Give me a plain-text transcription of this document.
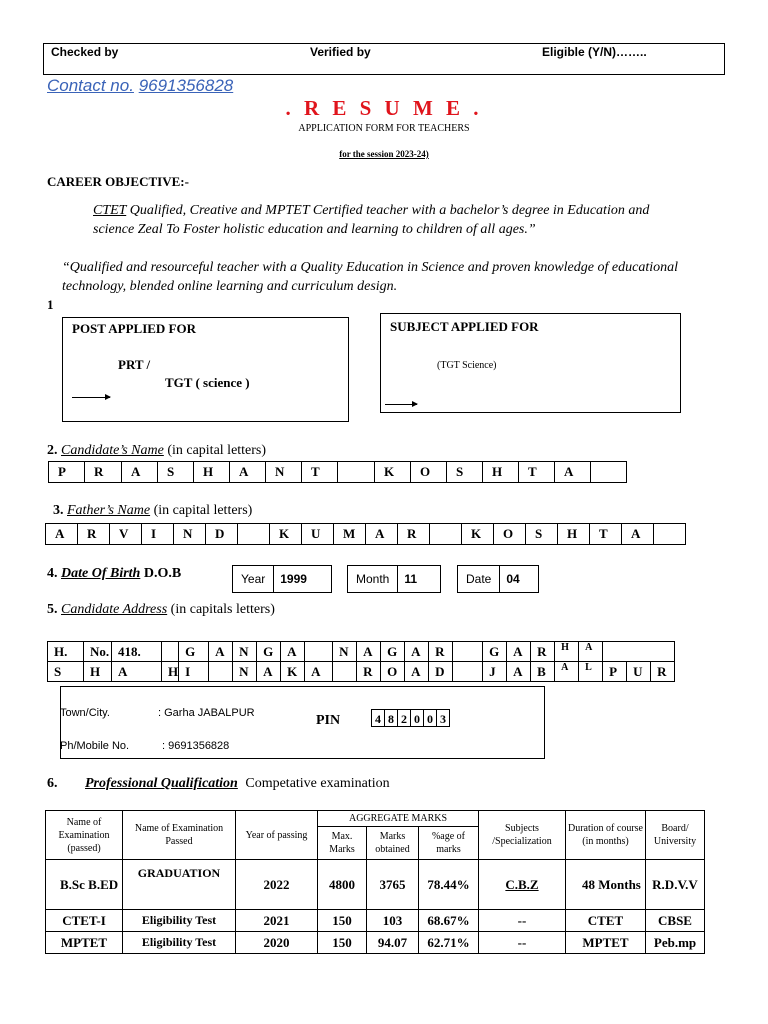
Checked by	Verified by	Eligible (Y/N)……..
Contact no. 9691356828
. R E S U M E .
APPLICATION FORM FOR TEACHERS
for the session 2023-24)
CAREER OBJECTIVE:-
CTET Qualified, Creative and MPTET Certified teacher with a bachelor’s degree in Education and science Zeal To Foster holistic education and learning to children of all ages.”
“Qualified and resourceful teacher with a Quality Education in Science and proven knowledge of educational technology, blended online learning and curriculum design.
1
POST APPLIED FOR
PRT /
TGT ( science )
SUBJECT APPLIED FOR
(TGT Science)
2. Candidate’s Name (in capital letters)
P	R	A	S	H	A	N	T	K	O	S	H	T	A
3. Father’s Name (in capital letters)
A	R	V	I	N	D	K	U	M	A	R	K	O	S	H	T	A
4. Date Of Birth D.O.B	Year	1999	Month	11	Date	04
5. Candidate Address (in capitals letters)
H.	No.	418.		G	A	N	G	A		N	A	G	A	R		G	A	R	H	A			
S	H	A	H	I		N	A	K	A		R	O	A	D		J	A	B	A	L	P	U	R
Town/City.	: Garha JABALPUR
Ph/Mobile No.	: 9691356828
PIN	4 8 2 0 0 3
6. Professional Qualification Competative examination
Name of Examination (passed)	Name of Examination Passed	Year of passing	AGGREGATE MARKS			Subjects /Specialization	Duration of course (in months)	Board/ University
			Max. Marks	Marks obtained	%age of marks			
B.Sc B.ED	GRADUATION	2022	4800	3765	78.44%	C.B.Z	48 Months	R.D.V.V
CTET-I	Eligibility Test	2021	150	103	68.67%	--	CTET	CBSE
MPTET	Eligibility Test	2020	150	94.07	62.71%	--	MPTET	Peb.mp
